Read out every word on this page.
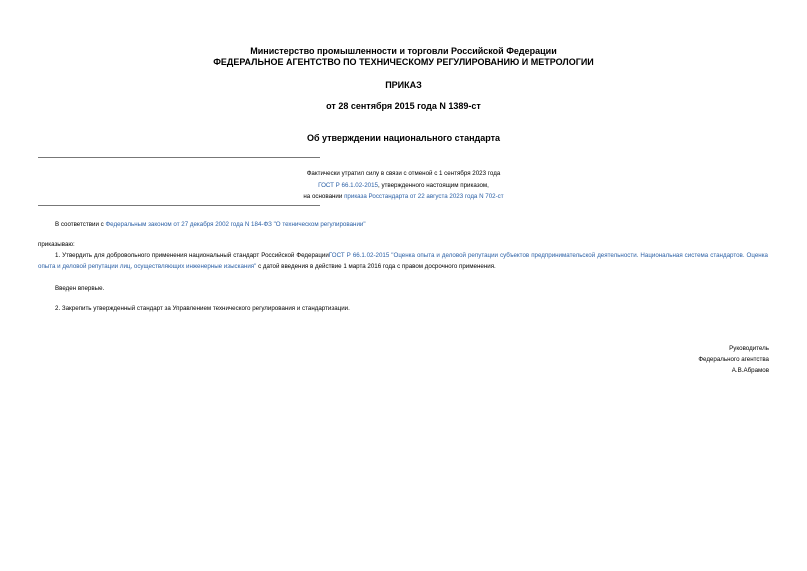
Министерство промышленности и торговли Российской Федерации
ФЕДЕРАЛЬНОЕ АГЕНТСТВО ПО ТЕХНИЧЕСКОМУ РЕГУЛИРОВАНИЮ И МЕТРОЛОГИИ
ПРИКАЗ
от 28 сентября 2015 года N 1389-ст
Об утверждении национального стандарта
Фактически утратил силу в связи с отменой с 1 сентября 2023 года
ГОСТ Р 66.1.02-2015, утвержденного настоящим приказом,
на основании приказа Росстандарта от 22 августа 2023 года N 702-ст
В соответствии с Федеральным законом от 27 декабря 2002 года N 184-ФЗ "О техническом регулировании"
приказываю:
1. Утвердить для добровольного применения национальный стандарт Российской ФедерацииГОСТ Р 66.1.02-2015 "Оценка опыта и деловой репутации субъектов предпринимательской деятельности. Национальная система стандартов. Оценка опыта и деловой репутации лиц, осуществляющих инженерные изыскания" с датой введения в действие 1 марта 2016 года с правом досрочного применения.
Введен впервые.
2. Закрепить утвержденный стандарт за Управлением технического регулирования и стандартизации.
Руководитель
Федерального агентства
А.В.Абрамов
